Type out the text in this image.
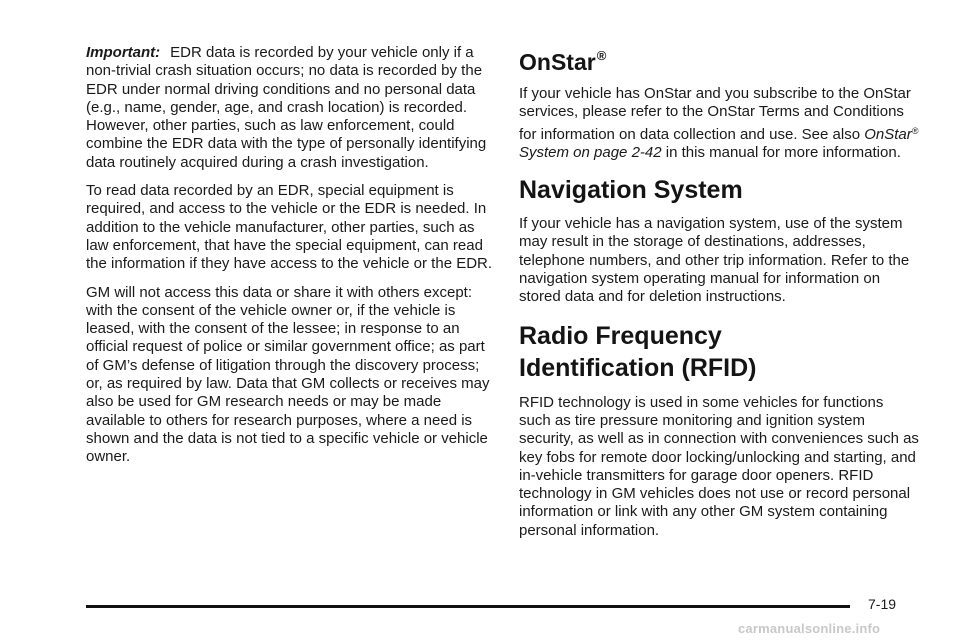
Important: EDR data is recorded by your vehicle only if a non-trivial crash situation occurs; no data is recorded by the EDR under normal driving conditions and no personal data (e.g., name, gender, age, and crash location) is recorded. However, other parties, such as law enforcement, could combine the EDR data with the type of personally identifying data routinely acquired during a crash investigation.

To read data recorded by an EDR, special equipment is required, and access to the vehicle or the EDR is needed. In addition to the vehicle manufacturer, other parties, such as law enforcement, that have the special equipment, can read the information if they have access to the vehicle or the EDR.

GM will not access this data or share it with others except: with the consent of the vehicle owner or, if the vehicle is leased, with the consent of the lessee; in response to an official request of police or similar government office; as part of GM’s defense of litigation through the discovery process; or, as required by law. Data that GM collects or receives may also be used for GM research needs or may be made available to others for research purposes, where a need is shown and the data is not tied to a specific vehicle or vehicle owner.

OnStar®

If your vehicle has OnStar and you subscribe to the OnStar services, please refer to the OnStar Terms and Conditions for information on data collection and use. See also OnStar® System on page 2-42 in this manual for more information.

Navigation System

If your vehicle has a navigation system, use of the system may result in the storage of destinations, addresses, telephone numbers, and other trip information. Refer to the navigation system operating manual for information on stored data and for deletion instructions.

Radio Frequency
Identification (RFID)

RFID technology is used in some vehicles for functions such as tire pressure monitoring and ignition system security, as well as in connection with conveniences such as key fobs for remote door locking/unlocking and starting, and in-vehicle transmitters for garage door openers. RFID technology in GM vehicles does not use or record personal information or link with any other GM system containing personal information.

7-19
carmanualsonline.info
